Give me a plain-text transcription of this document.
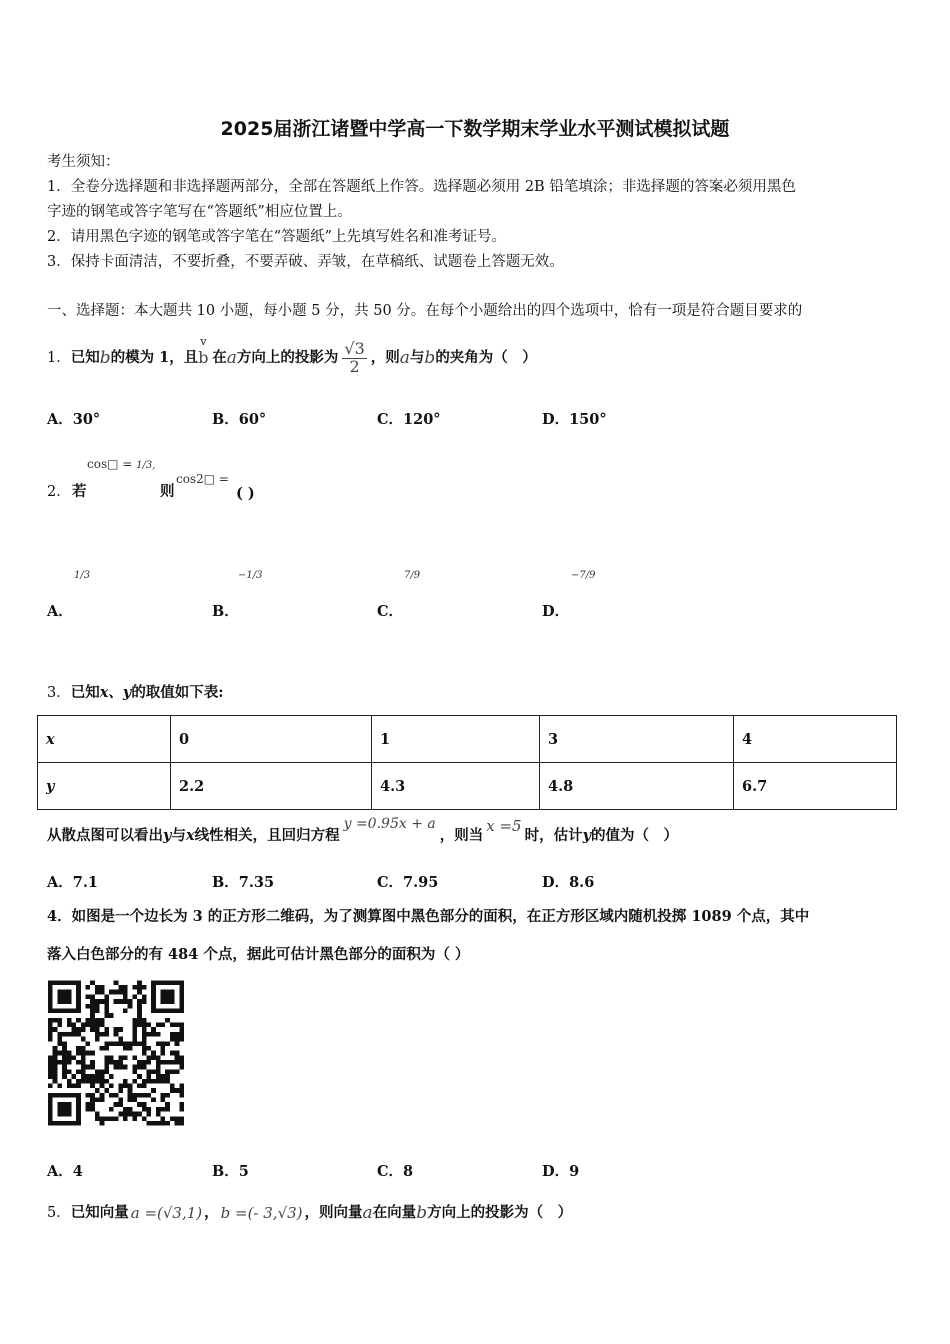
2025届浙江诸暨中学高一下数学期末学业水平测试模拟试题
考生须知：
1．全卷分选择题和非选择题两部分，全部在答题纸上作答。选择题必须用 2B 铅笔填涂；非选择题的答案必须用黑色
字迹的钢笔或答字笔写在“答题纸”相应位置上。
2．请用黑色字迹的钢笔或答字笔在“答题纸”上先填写姓名和准考证号。
3．保持卡面清洁，不要折叠，不要弄破、弄皱，在草稿纸、试题卷上答题无效。
一、选择题：本大题共 10 小题，每小题 5 分，共 50 分。在每个小题给出的四个选项中，恰有一项是符合题目要求的
1． 已知 b 的模为 1，且
v
b 在 a 方向上的投影为 $\frac{√3}{2}$ ，则 a 与 b 的夹角为（　）
A．30°	B．60°	C．120°	D．150°
2． 若
cos□ = 1/3,
则
cos2□ =
( )
1/3	−1/3	7/9	−7/9
A．	B．	C．	D．
3．已知x、y的取值如下表:
x	0	1	3	4
y	2.2	4.3	4.8	6.7
从散点图可以看出 y 与 x 线性相关，且回归方程
y =0.95x + a
，则当
x =5
时，估计 y 的值为（　）
A．7.1	B．7.35	C．7.95	D．8.6
4．如图是一个边长为 3 的正方形二维码，为了测算图中黑色部分的面积，在正方形区域内随机投掷 1089 个点，其中
落入白色部分的有 484 个点，据此可估计黑色部分的面积为（ ）
A．4	B．5	C．8	D．9
5． 已知向量 a =(√3,1) ， b =(- 3,√3) ，则向量 a 在向量 b 方向上的投影为（　）
